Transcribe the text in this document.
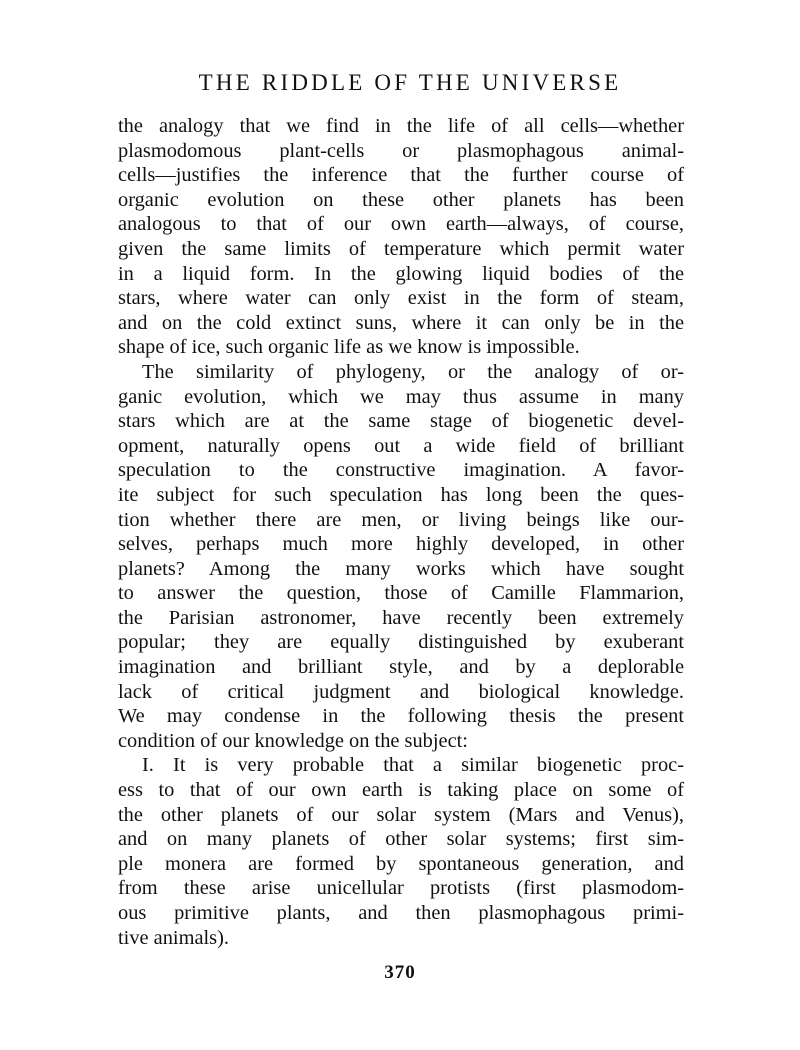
THE RIDDLE OF THE UNIVERSE
the analogy that we find in the life of all cells—whether
plasmodomous plant-cells or plasmophagous animal-
cells—justifies the inference that the further course of
organic evolution on these other planets has been
analogous to that of our own earth—always, of course,
given the same limits of temperature which permit water
in a liquid form. In the glowing liquid bodies of the
stars, where water can only exist in the form of steam,
and on the cold extinct suns, where it can only be in the
shape of ice, such organic life as we know is impossible.
The similarity of phylogeny, or the analogy of or-
ganic evolution, which we may thus assume in many
stars which are at the same stage of biogenetic devel-
opment, naturally opens out a wide field of brilliant
speculation to the constructive imagination. A favor-
ite subject for such speculation has long been the ques-
tion whether there are men, or living beings like our-
selves, perhaps much more highly developed, in other
planets? Among the many works which have sought
to answer the question, those of Camille Flammarion,
the Parisian astronomer, have recently been extremely
popular; they are equally distinguished by exuberant
imagination and brilliant style, and by a deplorable
lack of critical judgment and biological knowledge.
We may condense in the following thesis the present
condition of our knowledge on the subject:
I. It is very probable that a similar biogenetic proc-
ess to that of our own earth is taking place on some of
the other planets of our solar system (Mars and Venus),
and on many planets of other solar systems; first sim-
ple monera are formed by spontaneous generation, and
from these arise unicellular protists (first plasmodom-
ous primitive plants, and then plasmophagous primi-
tive animals).
370
